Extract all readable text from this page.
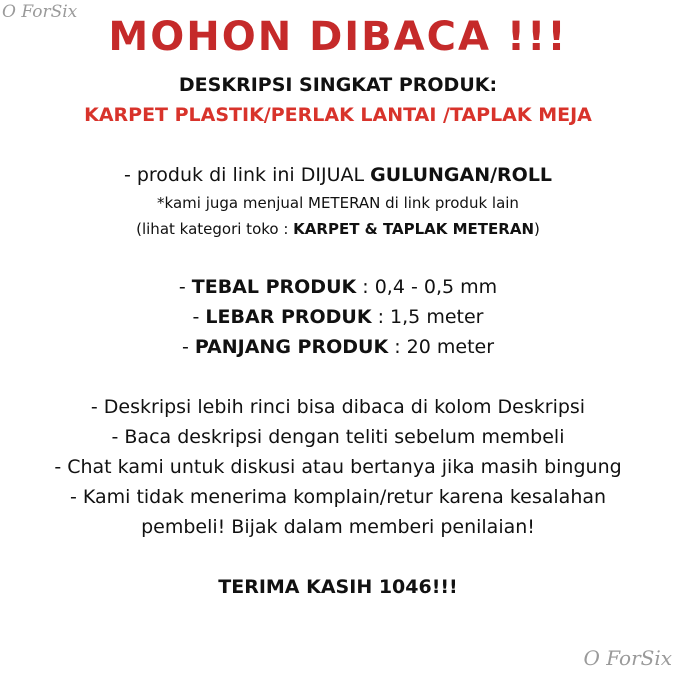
O ForSix
MOHON DIBACA !!!
DESKRIPSI SINGKAT PRODUK:
KARPET PLASTIK/PERLAK LANTAI /TAPLAK MEJA
- produk di link ini DIJUAL GULUNGAN/ROLL
*kami juga menjual METERAN di link produk lain
(lihat kategori toko : KARPET & TAPLAK METERAN)
- TEBAL PRODUK : 0,4 - 0,5 mm
- LEBAR PRODUK : 1,5 meter
- PANJANG PRODUK : 20 meter
- Deskripsi lebih rinci bisa dibaca di kolom Deskripsi
- Baca deskripsi dengan teliti sebelum membeli
- Chat kami untuk diskusi atau bertanya jika masih bingung
- Kami tidak menerima komplain/retur karena kesalahan
pembeli! Bijak dalam memberi penilaian!
TERIMA KASIH 1046!!!
O ForSix
